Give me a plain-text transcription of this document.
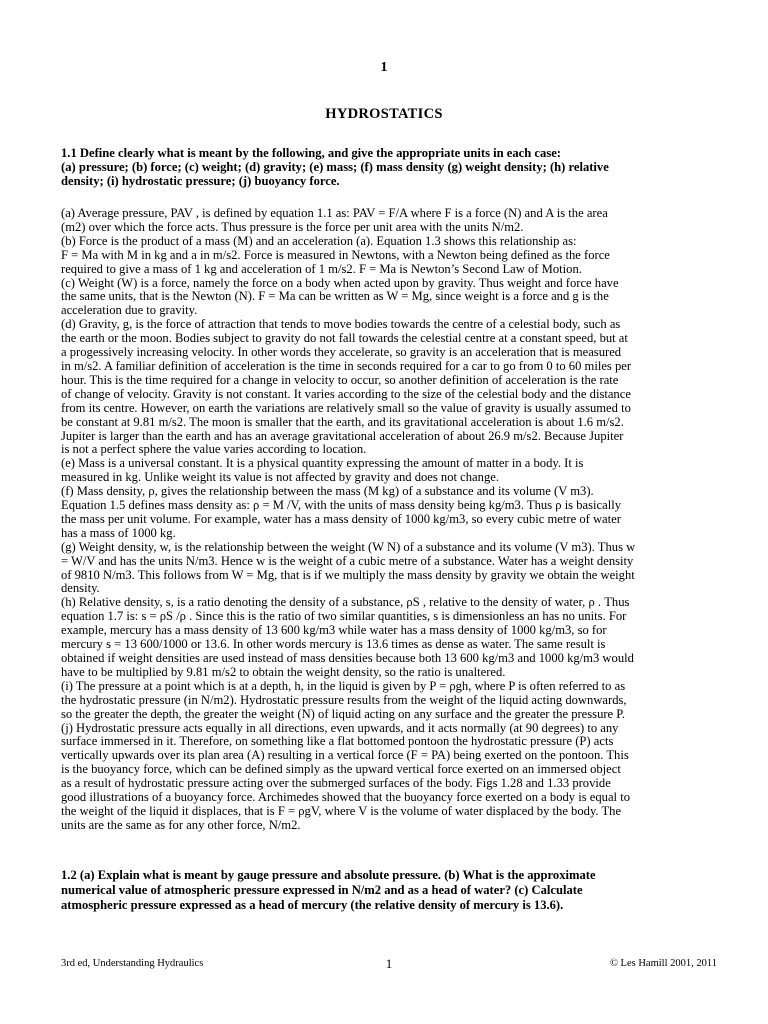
1
HYDROSTATICS
1.1 Define clearly what is meant by the following, and give the appropriate units in each case:
(a) pressure; (b) force; (c) weight; (d) gravity; (e) mass; (f) mass density (g) weight density; (h) relative
density; (i) hydrostatic pressure; (j) buoyancy force.
(a) Average pressure, PAV , is defined by equation 1.1 as: PAV = F/A where F is a force (N) and A is the area
(m2) over which the force acts. Thus pressure is the force per unit area with the units N/m2.
(b) Force is the product of a mass (M) and an acceleration (a). Equation 1.3 shows this relationship as:
F = Ma with M in kg and a in m/s2. Force is measured in Newtons, with a Newton being defined as the force
required to give a mass of 1 kg and acceleration of 1 m/s2. F = Ma is Newton’s Second Law of Motion.
(c) Weight (W) is a force, namely the force on a body when acted upon by gravity. Thus weight and force have
the same units, that is the Newton (N). F = Ma can be written as W = Mg, since weight is a force and g is the
acceleration due to gravity.
(d) Gravity, g, is the force of attraction that tends to move bodies towards the centre of a celestial body, such as
the earth or the moon. Bodies subject to gravity do not fall towards the celestial centre at a constant speed, but at
a progessively increasing velocity. In other words they accelerate, so gravity is an acceleration that is measured
in m/s2. A familiar definition of acceleration is the time in seconds required for a car to go from 0 to 60 miles per
hour. This is the time required for a change in velocity to occur, so another definition of acceleration is the rate
of change of velocity. Gravity is not constant. It varies according to the size of the celestial body and the distance
from its centre. However, on earth the variations are relatively small so the value of gravity is usually assumed to
be constant at 9.81 m/s2. The moon is smaller that the earth, and its gravitational acceleration is about 1.6 m/s2.
Jupiter is larger than the earth and has an average gravitational acceleration of about 26.9 m/s2. Because Jupiter
is not a perfect sphere the value varies according to location.
(e) Mass is a universal constant. It is a physical quantity expressing the amount of matter in a body. It is
measured in kg. Unlike weight its value is not affected by gravity and does not change.
(f) Mass density, ρ, gives the relationship between the mass (M kg) of a substance and its volume (V m3).
Equation 1.5 defines mass density as: ρ = M /V, with the units of mass density being kg/m3. Thus ρ is basically
the mass per unit volume. For example, water has a mass density of 1000 kg/m3, so every cubic metre of water
has a mass of 1000 kg.
(g) Weight density, w, is the relationship between the weight (W N) of a substance and its volume (V m3). Thus w
= W/V and has the units N/m3. Hence w is the weight of a cubic metre of a substance. Water has a weight density
of 9810 N/m3. This follows from W = Mg, that is if we multiply the mass density by gravity we obtain the weight
density.
(h) Relative density, s, is a ratio denoting the density of a substance, ρS , relative to the density of water, ρ . Thus
equation 1.7 is: s = ρS /ρ . Since this is the ratio of two similar quantities, s is dimensionless an has no units. For
example, mercury has a mass density of 13 600 kg/m3 while water has a mass density of 1000 kg/m3, so for
mercury s = 13 600/1000 or 13.6. In other words mercury is 13.6 times as dense as water. The same result is
obtained if weight densities are used instead of mass densities because both 13 600 kg/m3 and 1000 kg/m3 would
have to be multiplied by 9.81 m/s2 to obtain the weight density, so the ratio is unaltered.
(i) The pressure at a point which is at a depth, h, in the liquid is given by P = ρgh, where P is often referred to as
the hydrostatic pressure (in N/m2). Hydrostatic pressure results from the weight of the liquid acting downwards,
so the greater the depth, the greater the weight (N) of liquid acting on any surface and the greater the pressure P.
(j) Hydrostatic pressure acts equally in all directions, even upwards, and it acts normally (at 90 degrees) to any
surface immersed in it. Therefore, on something like a flat bottomed pontoon the hydrostatic pressure (P) acts
vertically upwards over its plan area (A) resulting in a vertical force (F = PA) being exerted on the pontoon. This
is the buoyancy force, which can be defined simply as the upward vertical force exerted on an immersed object
as a result of hydrostatic pressure acting over the submerged surfaces of the body. Figs 1.28 and 1.33 provide
good illustrations of a buoyancy force. Archimedes showed that the buoyancy force exerted on a body is equal to
the weight of the liquid it displaces, that is F = ρgV, where V is the volume of water displaced by the body. The
units are the same as for any other force, N/m2.
1.2 (a) Explain what is meant by gauge pressure and absolute pressure. (b) What is the approximate
numerical value of atmospheric pressure expressed in N/m2 and as a head of water? (c) Calculate
atmospheric pressure expressed as a head of mercury (the relative density of mercury is 13.6).
3rd ed, Understanding Hydraulics	1	© Les Hamill 2001, 2011
